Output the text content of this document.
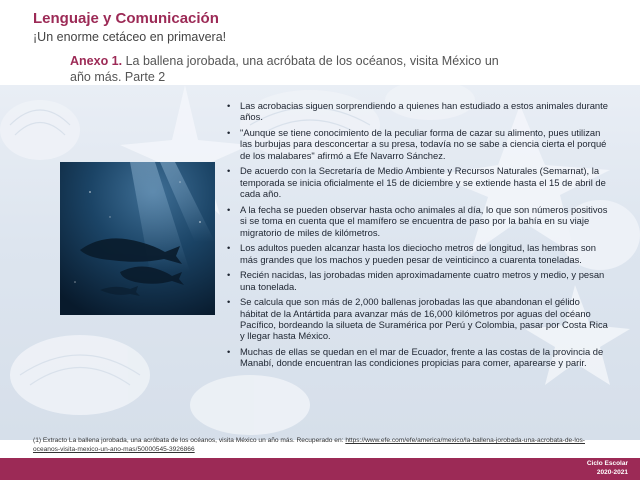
Lenguaje y Comunicación
¡Un enorme cetáceo en primavera!
Anexo 1. La ballena jorobada, una acróbata de los océanos, visita México un año más. Parte 2
• Las acrobacias siguen sorprendiendo a quienes han estudiado a estos animales durante años.
• "Aunque se tiene conocimiento de la peculiar forma de cazar su alimento, pues utilizan las burbujas para desconcertar a su presa, todavía no se sabe a ciencia cierta el porqué de los malabares" afirmó a Efe Navarro Sánchez.
• De acuerdo con la Secretaría de Medio Ambiente y Recursos Naturales (Semarnat), la temporada se inicia oficialmente el 15 de diciembre y se extiende hasta el 15 de abril de cada año.
• A la fecha se pueden observar hasta ocho animales al día, lo que son números positivos si se toma en cuenta que el mamífero se encuentra de paso por la bahía en su viaje migratorio de miles de kilómetros.
• Los adultos pueden alcanzar hasta los dieciocho metros de longitud, las hembras son más grandes que los machos y pueden pesar de veinticinco a cuarenta toneladas.
• Recién nacidas, las jorobadas miden aproximadamente cuatro metros y medio, y pesan una tonelada.
• Se calcula que son más de 2,000 ballenas jorobadas las que abandonan el gélido hábitat de la Antártida para avanzar más de 16,000 kilómetros por aguas del océano Pacífico, bordeando la silueta de Suramérica por Perú y Colombia, pasar por Costa Rica y llegar hasta México.
• Muchas de ellas se quedan en el mar de Ecuador, frente a las costas de la provincia de Manabí, donde encuentran las condiciones propicias para comer, aparearse y parir.
(1) Extracto La ballena jorobada, una acróbata de los océanos, visita México un año más. Recuperado en: https://www.efe.com/efe/america/mexico/la-ballena-jorobada-una-acrobata-de-los-oceanos-visita-mexico-un-ano-mas/50000545-3926866
Ciclo Escolar
2020-2021
